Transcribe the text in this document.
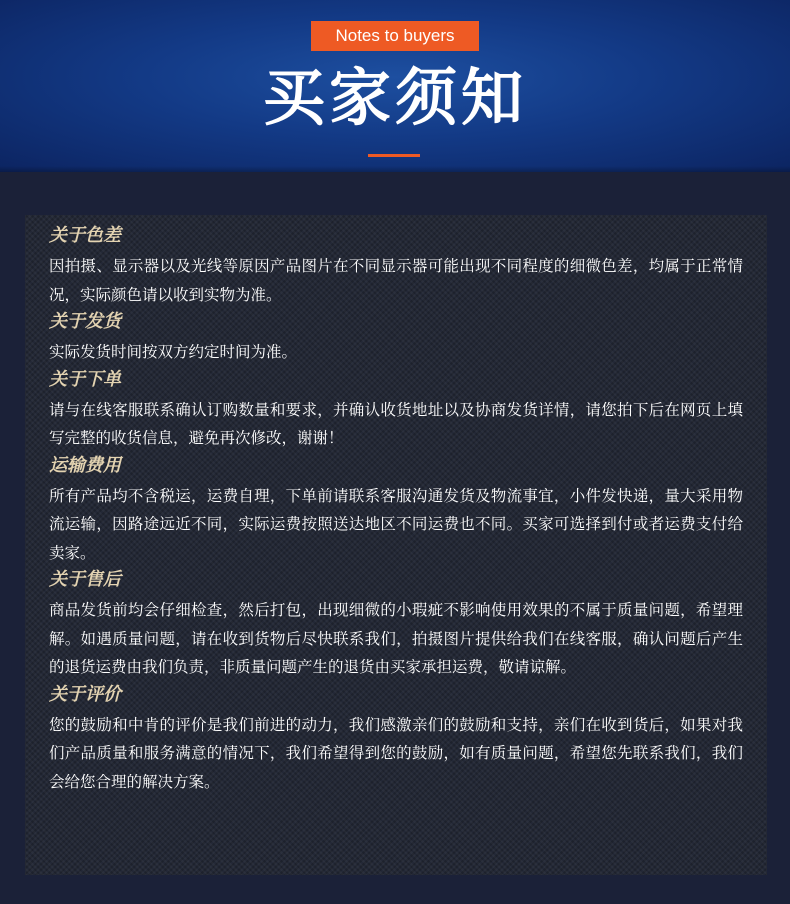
Notes to buyers
买家须知
关于色差
因拍摄、显示器以及光线等原因产品图片在不同显示器可能出现不同程度的细微色差，均属于正常情况，实际颜色请以收到实物为准。
关于发货
实际发货时间按双方约定时间为准。
关于下单
请与在线客服联系确认订购数量和要求，并确认收货地址以及协商发货详情，请您拍下后在网页上填写完整的收货信息，避免再次修改，谢谢！
运输费用
所有产品均不含税运，运费自理，下单前请联系客服沟通发货及物流事宜，小件发快递，量大采用物流运输，因路途远近不同，实际运费按照送达地区不同运费也不同。买家可选择到付或者运费支付给卖家。
关于售后
商品发货前均会仔细检查，然后打包，出现细微的小瑕疵不影响使用效果的不属于质量问题，希望理解。如遇质量问题，请在收到货物后尽快联系我们，拍摄图片提供给我们在线客服，确认问题后产生的退货运费由我们负责，非质量问题产生的退货由买家承担运费，敬请谅解。
关于评价
您的鼓励和中肯的评价是我们前进的动力，我们感激亲们的鼓励和支持，亲们在收到货后，如果对我们产品质量和服务满意的情况下，我们希望得到您的鼓励，如有质量问题，希望您先联系我们，我们会给您合理的解决方案。
